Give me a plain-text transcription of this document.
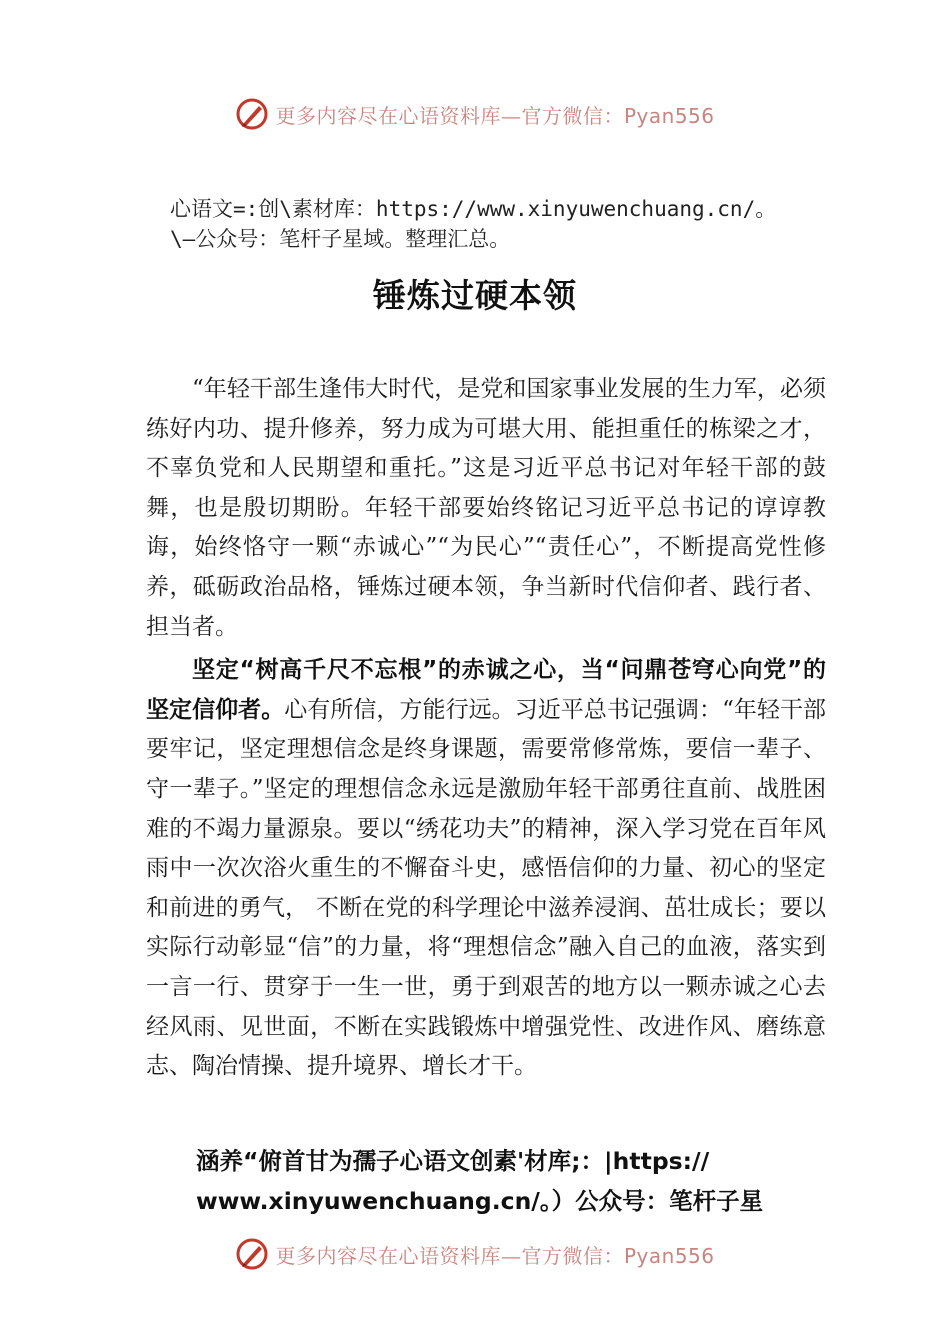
更多内容尽在心语资料库—官方微信：Pyan556
心语文=:创\素材库：https://www.xinyuwenchuang.cn/。
\—公众号：笔杆子星域。整理汇总。
锤炼过硬本领

“年轻干部生逢伟大时代，是党和国家事业发展的生力军，必须练好内功、提升修养，努力成为可堪大用、能担重任的栋梁之才，不辜负党和人民期望和重托。”这是习近平总书记对年轻干部的鼓舞，也是殷切期盼。年轻干部要始终铭记习近平总书记的谆谆教诲，始终恪守一颗“赤诚心”“为民心”“责任心”，不断提高党性修养，砥砺政治品格，锤炼过硬本领，争当新时代信仰者、践行者、担当者。

坚定“树高千尺不忘根”的赤诚之心，当“问鼎苍穹心向党”的坚定信仰者。心有所信，方能行远。习近平总书记强调：“年轻干部要牢记，坚定理想信念是终身课题，需要常修常炼，要信一辈子、守一辈子。”坚定的理想信念永远是激励年轻干部勇往直前、战胜困难的不竭力量源泉。要以“绣花功夫”的精神，深入学习党在百年风雨中一次次浴火重生的不懈奋斗史，感悟信仰的力量、初心的坚定和前进的勇气， 不断在党的科学理论中滋养浸润、茁壮成长；要以实际行动彰显“信”的力量，将“理想信念”融入自己的血液，落实到一言一行、贯穿于一生一世，勇于到艰苦的地方以一颗赤诚之心去经风雨、见世面，不断在实践锻炼中增强党性、改进作风、磨练意志、陶冶情操、提升境界、增长才干。

涵养“俯首甘为孺子心语文创素'材库;：|https://
www.xinyuwenchuang.cn/。）公众号：笔杆子星
更多内容尽在心语资料库—官方微信：Pyan556
